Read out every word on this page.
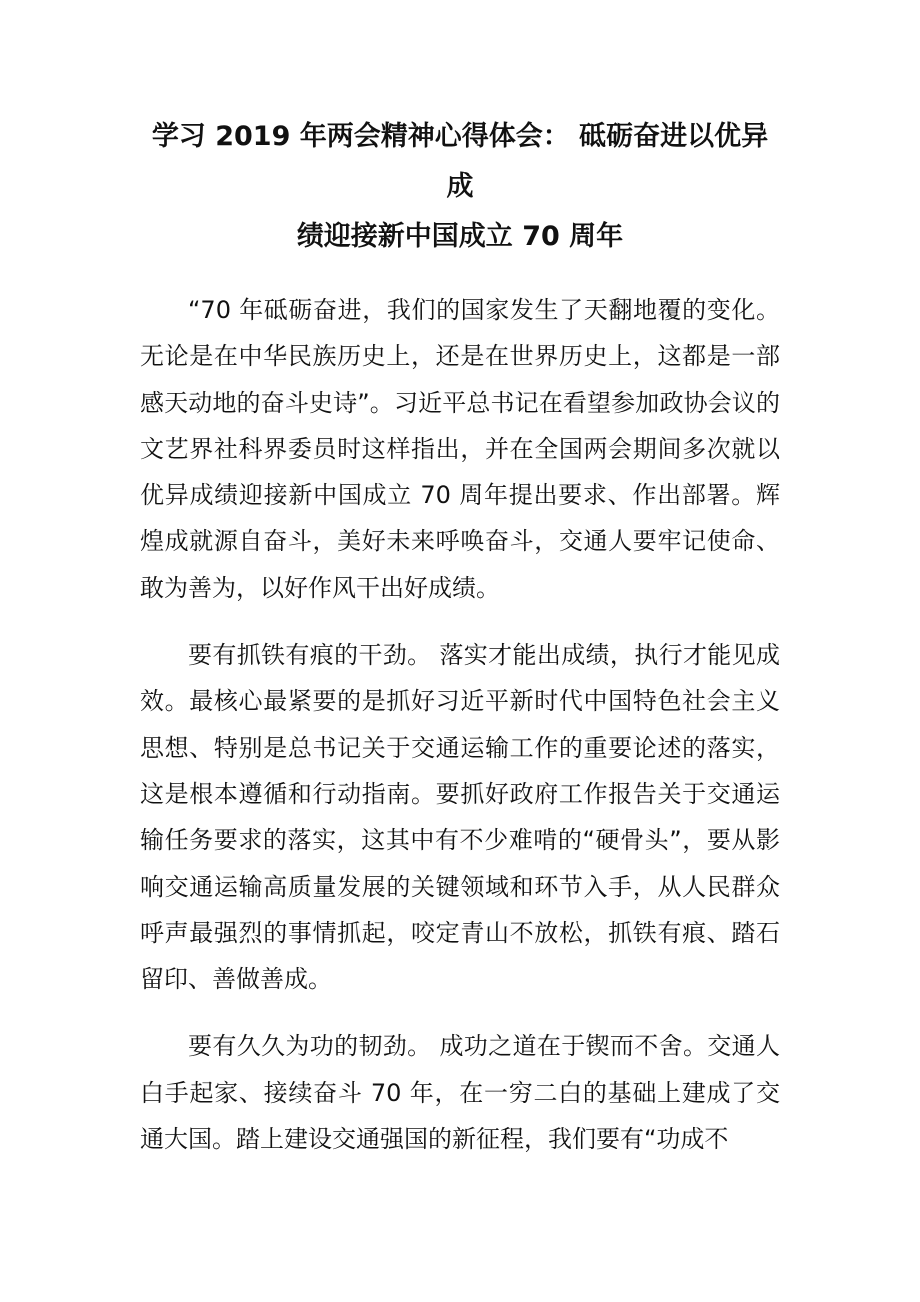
学习 2019 年两会精神心得体会： 砥砺奋进以优异成
绩迎接新中国成立 70 周年

“70 年砥砺奋进，我们的国家发生了天翻地覆的变化。无论是在中华民族历史上，还是在世界历史上，这都是一部感天动地的奋斗史诗”。习近平总书记在看望参加政协会议的文艺界社科界委员时这样指出，并在全国两会期间多次就以优异成绩迎接新中国成立 70 周年提出要求、作出部署。辉煌成就源自奋斗，美好未来呼唤奋斗，交通人要牢记使命、敢为善为，以好作风干出好成绩。

要有抓铁有痕的干劲。 落实才能出成绩，执行才能见成效。最核心最紧要的是抓好习近平新时代中国特色社会主义思想、特别是总书记关于交通运输工作的重要论述的落实，这是根本遵循和行动指南。要抓好政府工作报告关于交通运输任务要求的落实，这其中有不少难啃的“硬骨头”，要从影响交通运输高质量发展的关键领域和环节入手，从人民群众呼声最强烈的事情抓起，咬定青山不放松，抓铁有痕、踏石留印、善做善成。

要有久久为功的韧劲。 成功之道在于锲而不舍。交通人白手起家、接续奋斗 70 年，在一穷二白的基础上建成了交通大国。踏上建设交通强国的新征程，我们要有“功成不
